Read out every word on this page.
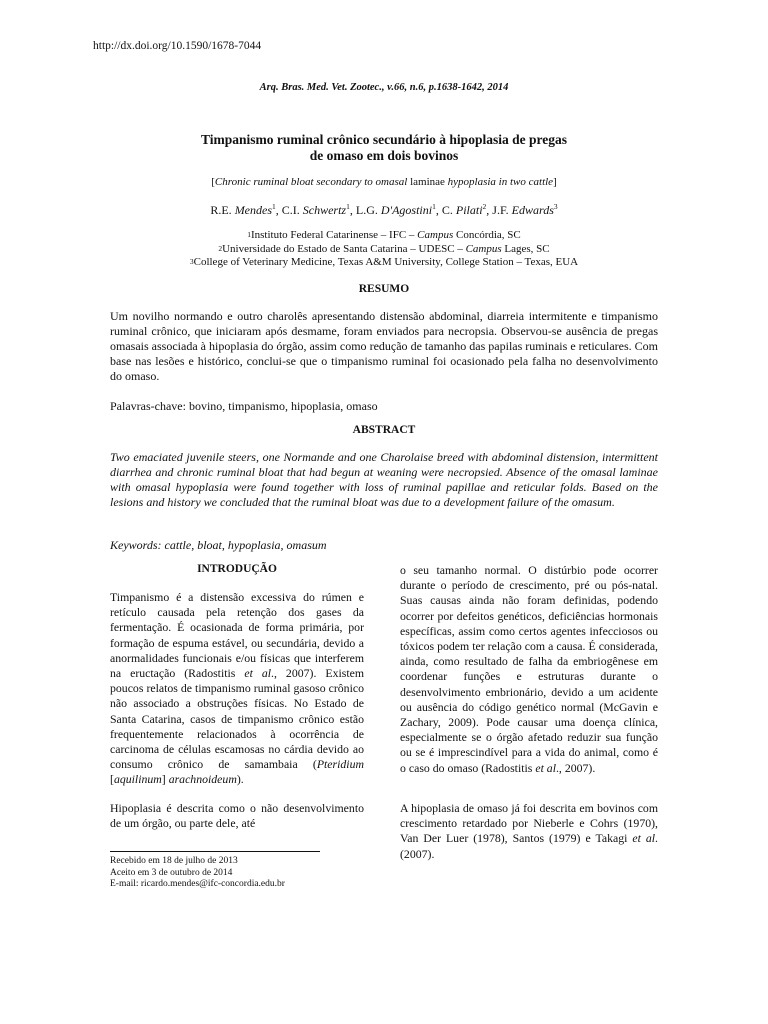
http://dx.doi.org/10.1590/1678-7044
Arq. Bras. Med. Vet. Zootec., v.66, n.6, p.1638-1642, 2014
Timpanismo ruminal crônico secundário à hipoplasia de pregas
de omaso em dois bovinos
[Chronic ruminal bloat secondary to omasal laminae hypoplasia in two cattle]
R.E. Mendes$^1$, C.I. Schwertz$^1$, L.G. D'Agostini$^1$, C. Pilati$^2$, J.F. Edwards$^3$
$^1$Instituto Federal Catarinense – IFC – Campus Concórdia, SC
$^2$Universidade do Estado de Santa Catarina – UDESC – Campus Lages, SC
$^3$College of Veterinary Medicine, Texas A&M University, College Station – Texas, EUA
RESUMO
Um novilho normando e outro charolês apresentando distensão abdominal, diarreia intermitente e timpanismo ruminal crônico, que iniciaram após desmame, foram enviados para necropsia. Observou-se ausência de pregas omasais associada à hipoplasia do órgão, assim como redução de tamanho das papilas ruminais e reticulares. Com base nas lesões e histórico, conclui-se que o timpanismo ruminal foi ocasionado pela falha no desenvolvimento do omaso.
Palavras-chave: bovino, timpanismo, hipoplasia, omaso
ABSTRACT
Two emaciated juvenile steers, one Normande and one Charolaise breed with abdominal distension, intermittent diarrhea and chronic ruminal bloat that had begun at weaning were necropsied. Absence of the omasal laminae with omasal hypoplasia were found together with loss of ruminal papillae and reticular folds. Based on the lesions and history we concluded that the ruminal bloat was due to a development failure of the omasum.
Keywords: cattle, bloat, hypoplasia, omasum
INTRODUÇÃO
Timpanismo é a distensão excessiva do rúmen e retículo causada pela retenção dos gases da fermentação. É ocasionada de forma primária, por formação de espuma estável, ou secundária, devido a anormalidades funcionais e/ou físicas que interferem na eructação (Radostitis et al., 2007). Existem poucos relatos de timpanismo ruminal gasoso crônico não associado a obstruções físicas. No Estado de Santa Catarina, casos de timpanismo crônico estão frequentemente relacionados à ocorrência de carcinoma de células escamosas no cárdia devido ao consumo crônico de samambaia (Pteridium [aquilinum] arachnoideum).
Hipoplasia é descrita como o não desenvolvimento de um órgão, ou parte dele, até
o seu tamanho normal. O distúrbio pode ocorrer durante o período de crescimento, pré ou pós-natal. Suas causas ainda não foram definidas, podendo ocorrer por defeitos genéticos, deficiências hormonais específicas, assim como certos agentes infecciosos ou tóxicos podem ter relação com a causa. É considerada, ainda, como resultado de falha da embriogênese em coordenar funções e estruturas durante o desenvolvimento embrionário, devido a um acidente ou ausência do código genético normal (McGavin e Zachary, 2009). Pode causar uma doença clínica, especialmente se o órgão afetado reduzir sua função ou se é imprescindível para a vida do animal, como é o caso do omaso (Radostitis et al., 2007).
A hipoplasia de omaso já foi descrita em bovinos com crescimento retardado por Nieberle e Cohrs (1970), Van Der Luer (1978), Santos (1979) e Takagi et al. (2007).
Recebido em 18 de julho de 2013
Aceito em 3 de outubro de 2014
E-mail: ricardo.mendes@ifc-concordia.edu.br
